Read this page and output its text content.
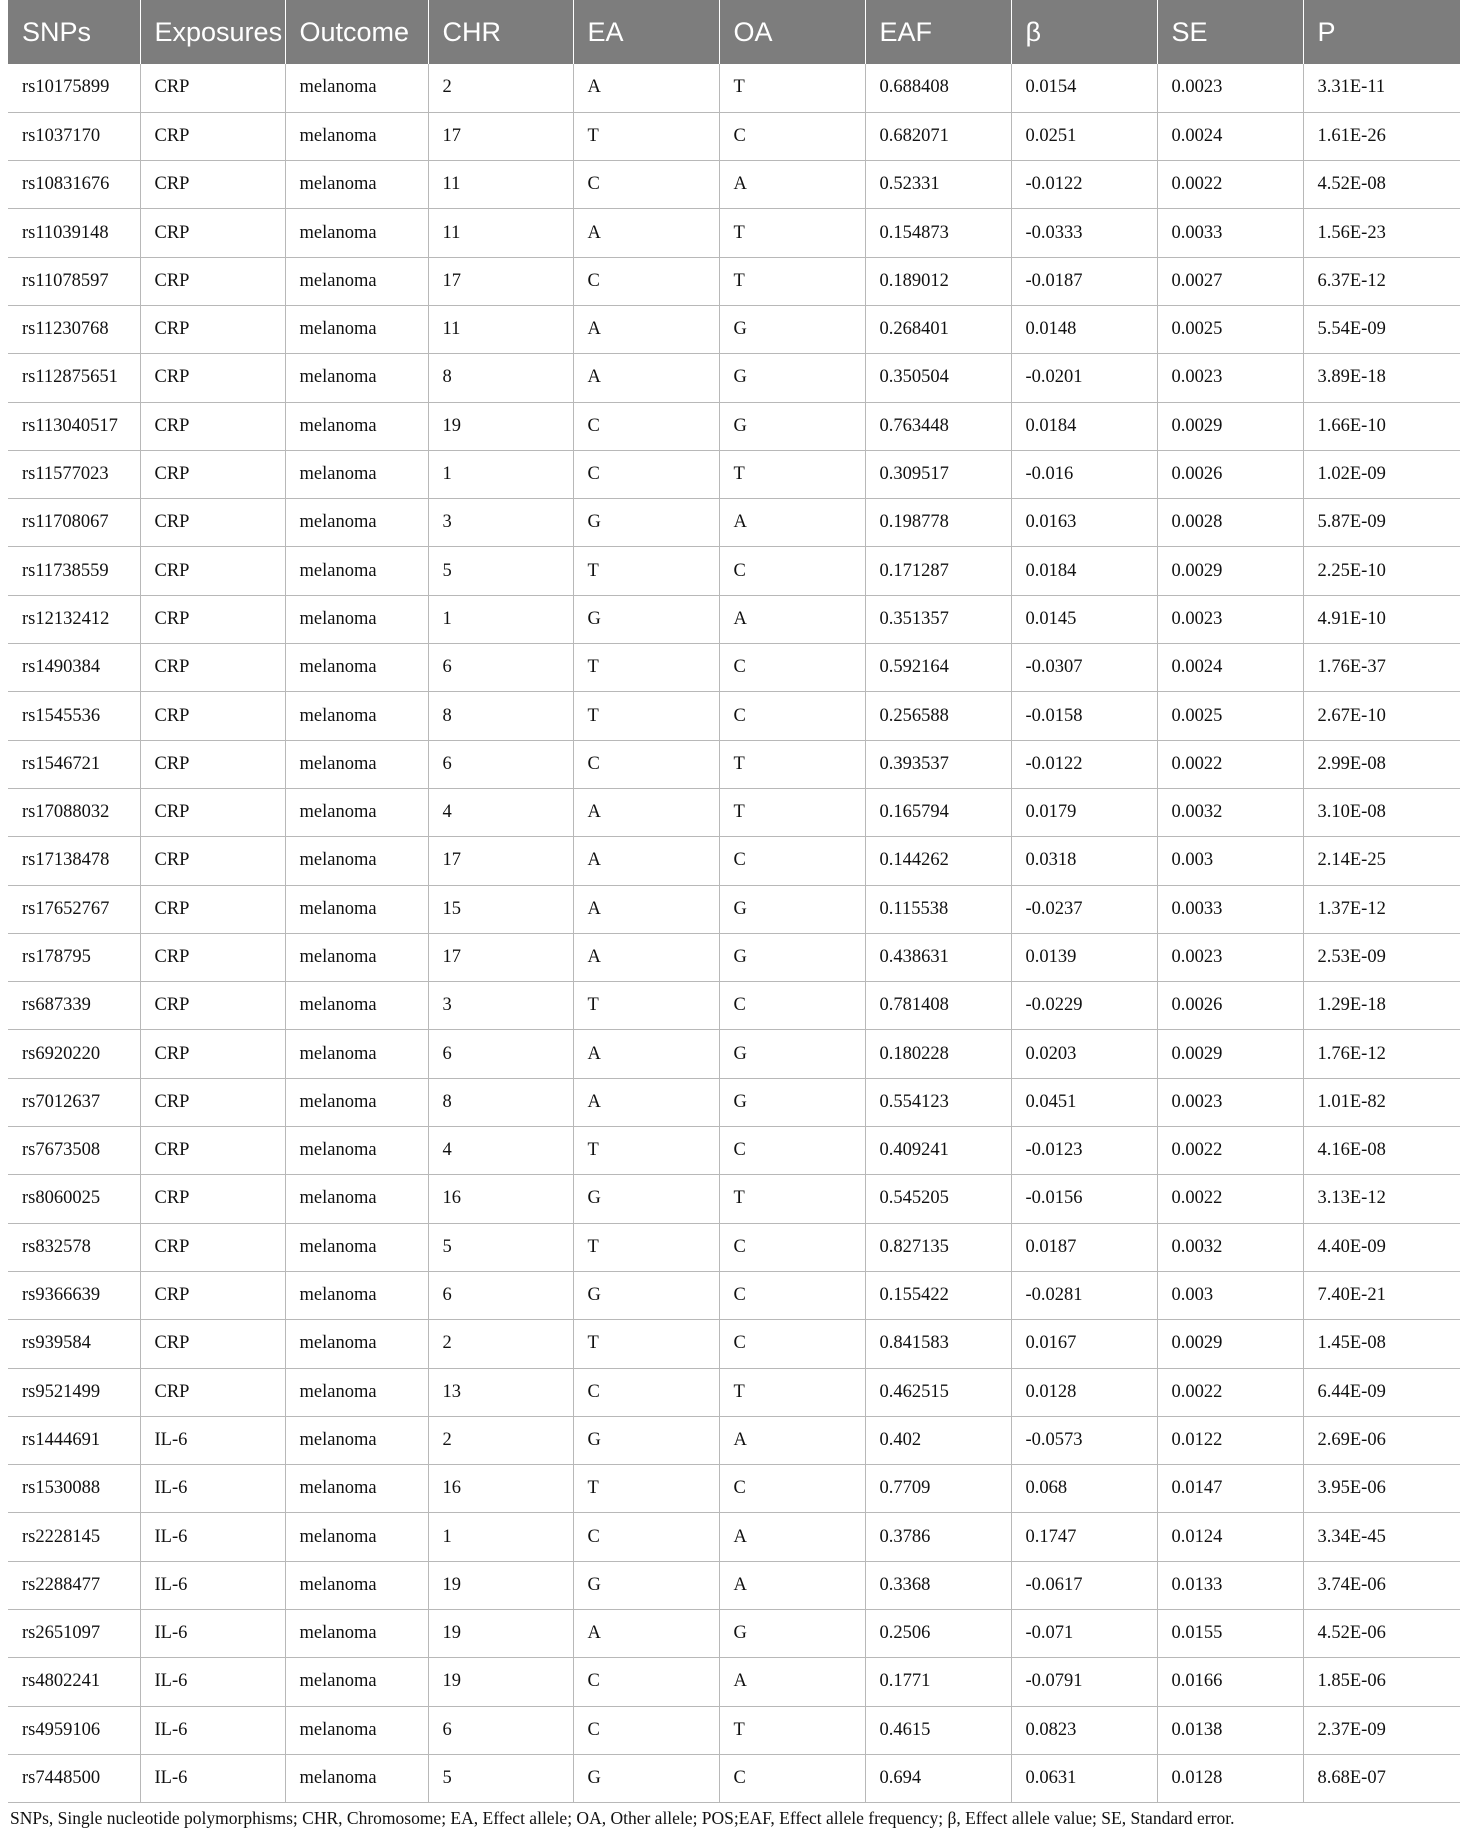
SNPs	Exposures	Outcome	CHR	EA	OA	EAF	β	SE	P
rs10175899	CRP	melanoma	2	A	T	0.688408	0.0154	0.0023	3.31E-11
rs1037170	CRP	melanoma	17	T	C	0.682071	0.0251	0.0024	1.61E-26
rs10831676	CRP	melanoma	11	C	A	0.52331	-0.0122	0.0022	4.52E-08
rs11039148	CRP	melanoma	11	A	T	0.154873	-0.0333	0.0033	1.56E-23
rs11078597	CRP	melanoma	17	C	T	0.189012	-0.0187	0.0027	6.37E-12
rs11230768	CRP	melanoma	11	A	G	0.268401	0.0148	0.0025	5.54E-09
rs112875651	CRP	melanoma	8	A	G	0.350504	-0.0201	0.0023	3.89E-18
rs113040517	CRP	melanoma	19	C	G	0.763448	0.0184	0.0029	1.66E-10
rs11577023	CRP	melanoma	1	C	T	0.309517	-0.016	0.0026	1.02E-09
rs11708067	CRP	melanoma	3	G	A	0.198778	0.0163	0.0028	5.87E-09
rs11738559	CRP	melanoma	5	T	C	0.171287	0.0184	0.0029	2.25E-10
rs12132412	CRP	melanoma	1	G	A	0.351357	0.0145	0.0023	4.91E-10
rs1490384	CRP	melanoma	6	T	C	0.592164	-0.0307	0.0024	1.76E-37
rs1545536	CRP	melanoma	8	T	C	0.256588	-0.0158	0.0025	2.67E-10
rs1546721	CRP	melanoma	6	C	T	0.393537	-0.0122	0.0022	2.99E-08
rs17088032	CRP	melanoma	4	A	T	0.165794	0.0179	0.0032	3.10E-08
rs17138478	CRP	melanoma	17	A	C	0.144262	0.0318	0.003	2.14E-25
rs17652767	CRP	melanoma	15	A	G	0.115538	-0.0237	0.0033	1.37E-12
rs178795	CRP	melanoma	17	A	G	0.438631	0.0139	0.0023	2.53E-09
rs687339	CRP	melanoma	3	T	C	0.781408	-0.0229	0.0026	1.29E-18
rs6920220	CRP	melanoma	6	A	G	0.180228	0.0203	0.0029	1.76E-12
rs7012637	CRP	melanoma	8	A	G	0.554123	0.0451	0.0023	1.01E-82
rs7673508	CRP	melanoma	4	T	C	0.409241	-0.0123	0.0022	4.16E-08
rs8060025	CRP	melanoma	16	G	T	0.545205	-0.0156	0.0022	3.13E-12
rs832578	CRP	melanoma	5	T	C	0.827135	0.0187	0.0032	4.40E-09
rs9366639	CRP	melanoma	6	G	C	0.155422	-0.0281	0.003	7.40E-21
rs939584	CRP	melanoma	2	T	C	0.841583	0.0167	0.0029	1.45E-08
rs9521499	CRP	melanoma	13	C	T	0.462515	0.0128	0.0022	6.44E-09
rs1444691	IL-6	melanoma	2	G	A	0.402	-0.0573	0.0122	2.69E-06
rs1530088	IL-6	melanoma	16	T	C	0.7709	0.068	0.0147	3.95E-06
rs2228145	IL-6	melanoma	1	C	A	0.3786	0.1747	0.0124	3.34E-45
rs2288477	IL-6	melanoma	19	G	A	0.3368	-0.0617	0.0133	3.74E-06
rs2651097	IL-6	melanoma	19	A	G	0.2506	-0.071	0.0155	4.52E-06
rs4802241	IL-6	melanoma	19	C	A	0.1771	-0.0791	0.0166	1.85E-06
rs4959106	IL-6	melanoma	6	C	T	0.4615	0.0823	0.0138	2.37E-09
rs7448500	IL-6	melanoma	5	G	C	0.694	0.0631	0.0128	8.68E-07
SNPs, Single nucleotide polymorphisms; CHR, Chromosome; EA, Effect allele; OA, Other allele; POS;EAF, Effect allele frequency; β, Effect allele value; SE, Standard error.
